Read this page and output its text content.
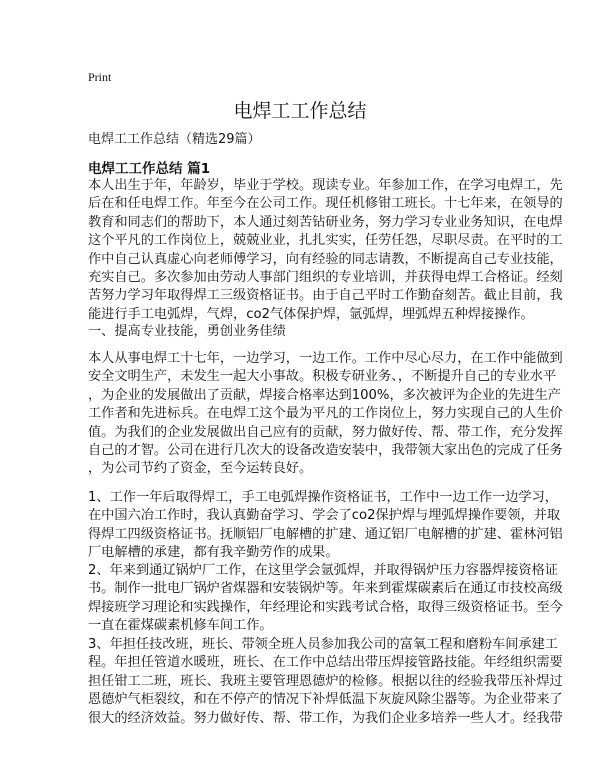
Print
电焊工工作总结
电焊工工作总结（精选29篇）
电焊工工作总结 篇1
本人出生于年，年龄岁，毕业于学校。现读专业。年参加工作，在学习电焊工，先
后在和任电焊工作。年至今在公司工作。现任机修钳工班长。十七年来，在领导的
教育和同志们的帮助下，本人通过刻苦钻研业务，努力学习专业业务知识，在电焊
这个平凡的工作岗位上，兢兢业业，扎扎实实，任劳任怨，尽职尽责。在平时的工
作中自己认真虚心向老师傅学习，向有经验的同志请教，不断提高自己专业技能，
充实自己。多次参加由劳动人事部门组织的专业培训，并获得电焊工合格证。经刻
苦努力学习年取得焊工三级资格证书。由于自己平时工作勤奋刻苦。截止目前，我
能进行手工电弧焊，气焊，co2气体保护焊，氩弧焊，埋弧焊五种焊接操作。
一、提高专业技能，勇创业务佳绩
本人从事电焊工十七年，一边学习，一边工作。工作中尽心尽力，在工作中能做到
安全文明生产，未发生一起大小事故。积极专研业务、，不断提升自己的专业水平
，为企业的发展做出了贡献，焊接合格率达到100%，多次被评为企业的先进生产
工作者和先进标兵。在电焊工这个最为平凡的工作岗位上，努力实现自己的人生价
值。为我们的企业发展做出自己应有的贡献，努力做好传、帮、带工作，充分发挥
自己的才智。公司在进行几次大的设备改造安装中，我带领大家出色的完成了任务
，为公司节约了资金，至今运转良好。
1、工作一年后取得焊工，手工电弧焊操作资格证书，工作中一边工作一边学习，
在中国六冶工作时，我认真勤奋学习、学会了co2保护焊与埋弧焊操作要领，并取
得焊工四级资格证书。抚顺铝厂电解槽的扩建、通辽铝厂电解槽的扩建、霍林河铝
厂电解槽的承建，都有我辛勤劳作的成果。
2、年来到通辽锅炉厂工作，在这里学会氩弧焊，并取得锅炉压力容器焊接资格证
书。制作一批电厂锅炉省煤器和安装锅炉等。年来到霍煤碳素后在通辽市技校高级
焊接班学习理论和实践操作，年经理论和实践考试合格，取得三级资格证书。至今
一直在霍煤碳素机修车间工作。
3、年担任技改班，班长、带领全班人员参加我公司的富氧工程和磨粉车间承建工
程。年担任管道水暖班，班长、在工作中总结出带压焊接管路技能。年经组织需要
担任钳工二班，班长、我班主要管理恩德炉的检修。根据以往的经验我带压补焊过
恩德炉气柜裂纹，和在不停产的情况下补焊低温下灰旋风除尘器等。为企业带来了
很大的经济效益。努力做好传、帮、带工作，为我们企业多培养一些人才。经我带
